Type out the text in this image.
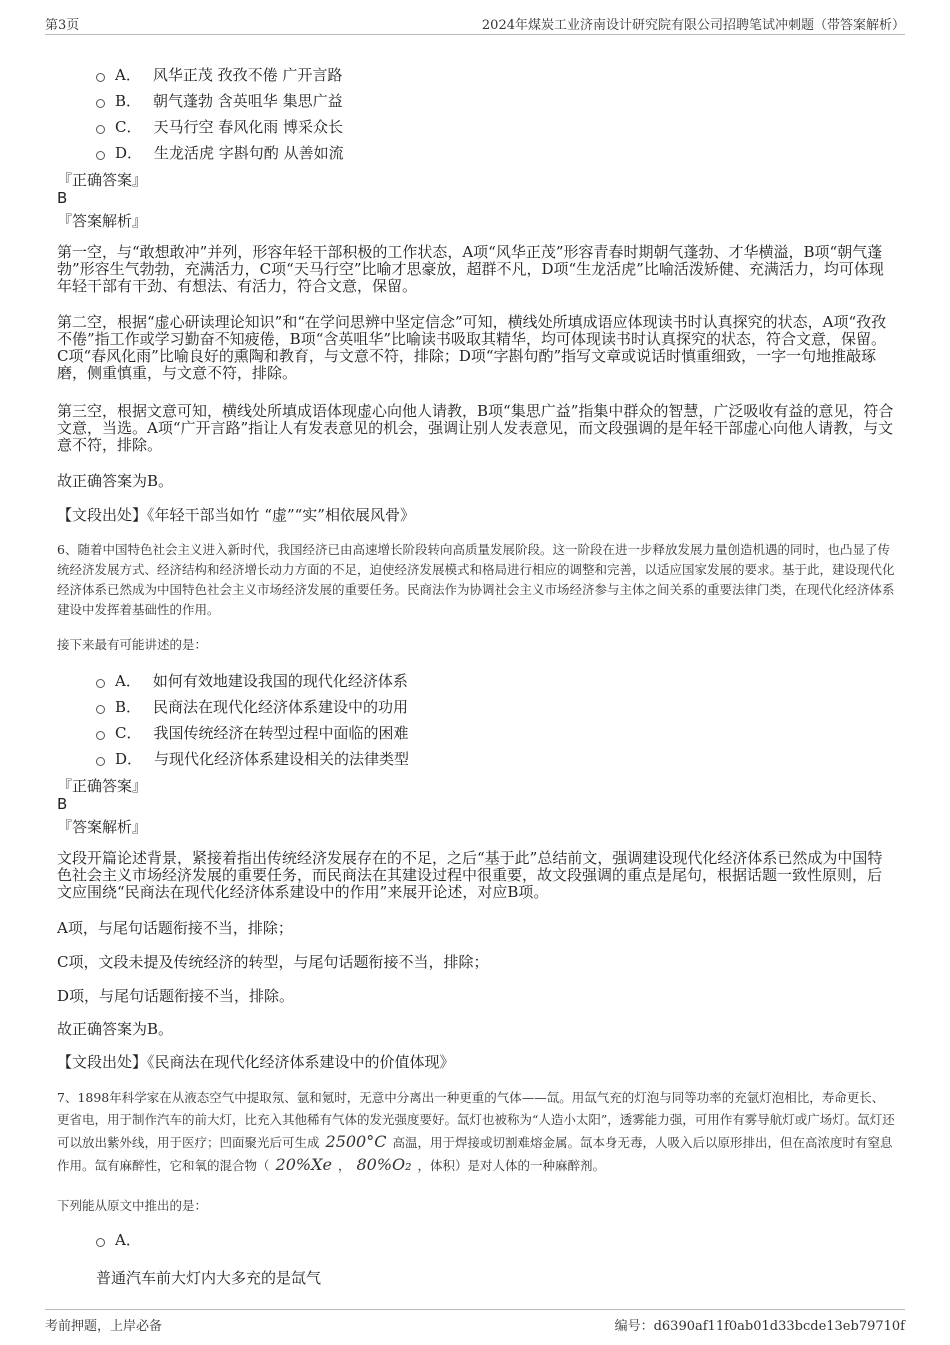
第3页	2024年煤炭工业济南设计研究院有限公司招聘笔试冲刺题（带答案解析）
A． 风华正茂 孜孜不倦 广开言路
B． 朝气蓬勃 含英咀华 集思广益
C． 天马行空 春风化雨 博采众长
D． 生龙活虎 字斟句酌 从善如流
『正确答案』
B
『答案解析』
第一空，与“敢想敢冲”并列，形容年轻干部积极的工作状态，A项“风华正茂”形容青春时期朝气蓬勃、才华横溢，B项“朝气蓬勃”形容生气勃勃，充满活力，C项“天马行空”比喻才思豪放，超群不凡，D项“生龙活虎”比喻活泼矫健、充满活力，均可体现年轻干部有干劲、有想法、有活力，符合文意，保留。
第二空，根据“虚心研读理论知识”和“在学问思辨中坚定信念”可知，横线处所填成语应体现读书时认真探究的状态，A项“孜孜不倦”指工作或学习勤奋不知疲倦，B项“含英咀华”比喻读书吸取其精华，均可体现读书时认真探究的状态，符合文意，保留。C项“春风化雨”比喻良好的熏陶和教育，与文意不符，排除；D项“字斟句酌”指写文章或说话时慎重细致，一字一句地推敲琢磨，侧重慎重，与文意不符，排除。
第三空，根据文意可知，横线处所填成语体现虚心向他人请教，B项“集思广益”指集中群众的智慧，广泛吸收有益的意见，符合文意，当选。A项“广开言路”指让人有发表意见的机会，强调让别人发表意见，而文段强调的是年轻干部虚心向他人请教，与文意不符，排除。
故正确答案为B。
【文段出处】《年轻干部当如竹 “虚”“实”相依展风骨》
6、随着中国特色社会主义进入新时代，我国经济已由高速增长阶段转向高质量发展阶段。这一阶段在进一步释放发展力量创造机遇的同时，也凸显了传统经济发展方式、经济结构和经济增长动力方面的不足，迫使经济发展模式和格局进行相应的调整和完善，以适应国家发展的要求。基于此，建设现代化经济体系已然成为中国特色社会主义市场经济发展的重要任务。民商法作为协调社会主义市场经济参与主体之间关系的重要法律门类，在现代化经济体系建设中发挥着基础性的作用。
接下来最有可能讲述的是：
A． 如何有效地建设我国的现代化经济体系
B． 民商法在现代化经济体系建设中的功用
C． 我国传统经济在转型过程中面临的困难
D． 与现代化经济体系建设相关的法律类型
『正确答案』
B
『答案解析』
文段开篇论述背景，紧接着指出传统经济发展存在的不足，之后“基于此”总结前文，强调建设现代化经济体系已然成为中国特色社会主义市场经济发展的重要任务，而民商法在其建设过程中很重要，故文段强调的重点是尾句，根据话题一致性原则，后文应围绕“民商法在现代化经济体系建设中的作用”来展开论述，对应B项。
A项，与尾句话题衔接不当，排除；
C项，文段未提及传统经济的转型，与尾句话题衔接不当，排除；
D项，与尾句话题衔接不当，排除。
故正确答案为B。
【文段出处】《民商法在现代化经济体系建设中的价值体现》
7、1898年科学家在从液态空气中提取氖、氩和氪时，无意中分离出一种更重的气体——氙。用氙气充的灯泡与同等功率的充氩灯泡相比，寿命更长、更省电，用于制作汽车的前大灯，比充入其他稀有气体的发光强度要好。氙灯也被称为“人造小太阳”，透雾能力强，可用作有雾导航灯或广场灯。氙灯还可以放出紫外线，用于医疗；凹面聚光后可生成 2500°C 高温，用于焊接或切割难熔金属。氙本身无毒，人吸入后以原形排出，但在高浓度时有窒息作用。氙有麻醉性，它和氧的混合物（ 20%Xe ， 80%O₂ ，体积）是对人体的一种麻醉剂。
下列能从原文中推出的是：
A．
普通汽车前大灯内大多充的是氙气
考前押题，上岸必备	编号：d6390af11f0ab01d33bcde13eb79710f
